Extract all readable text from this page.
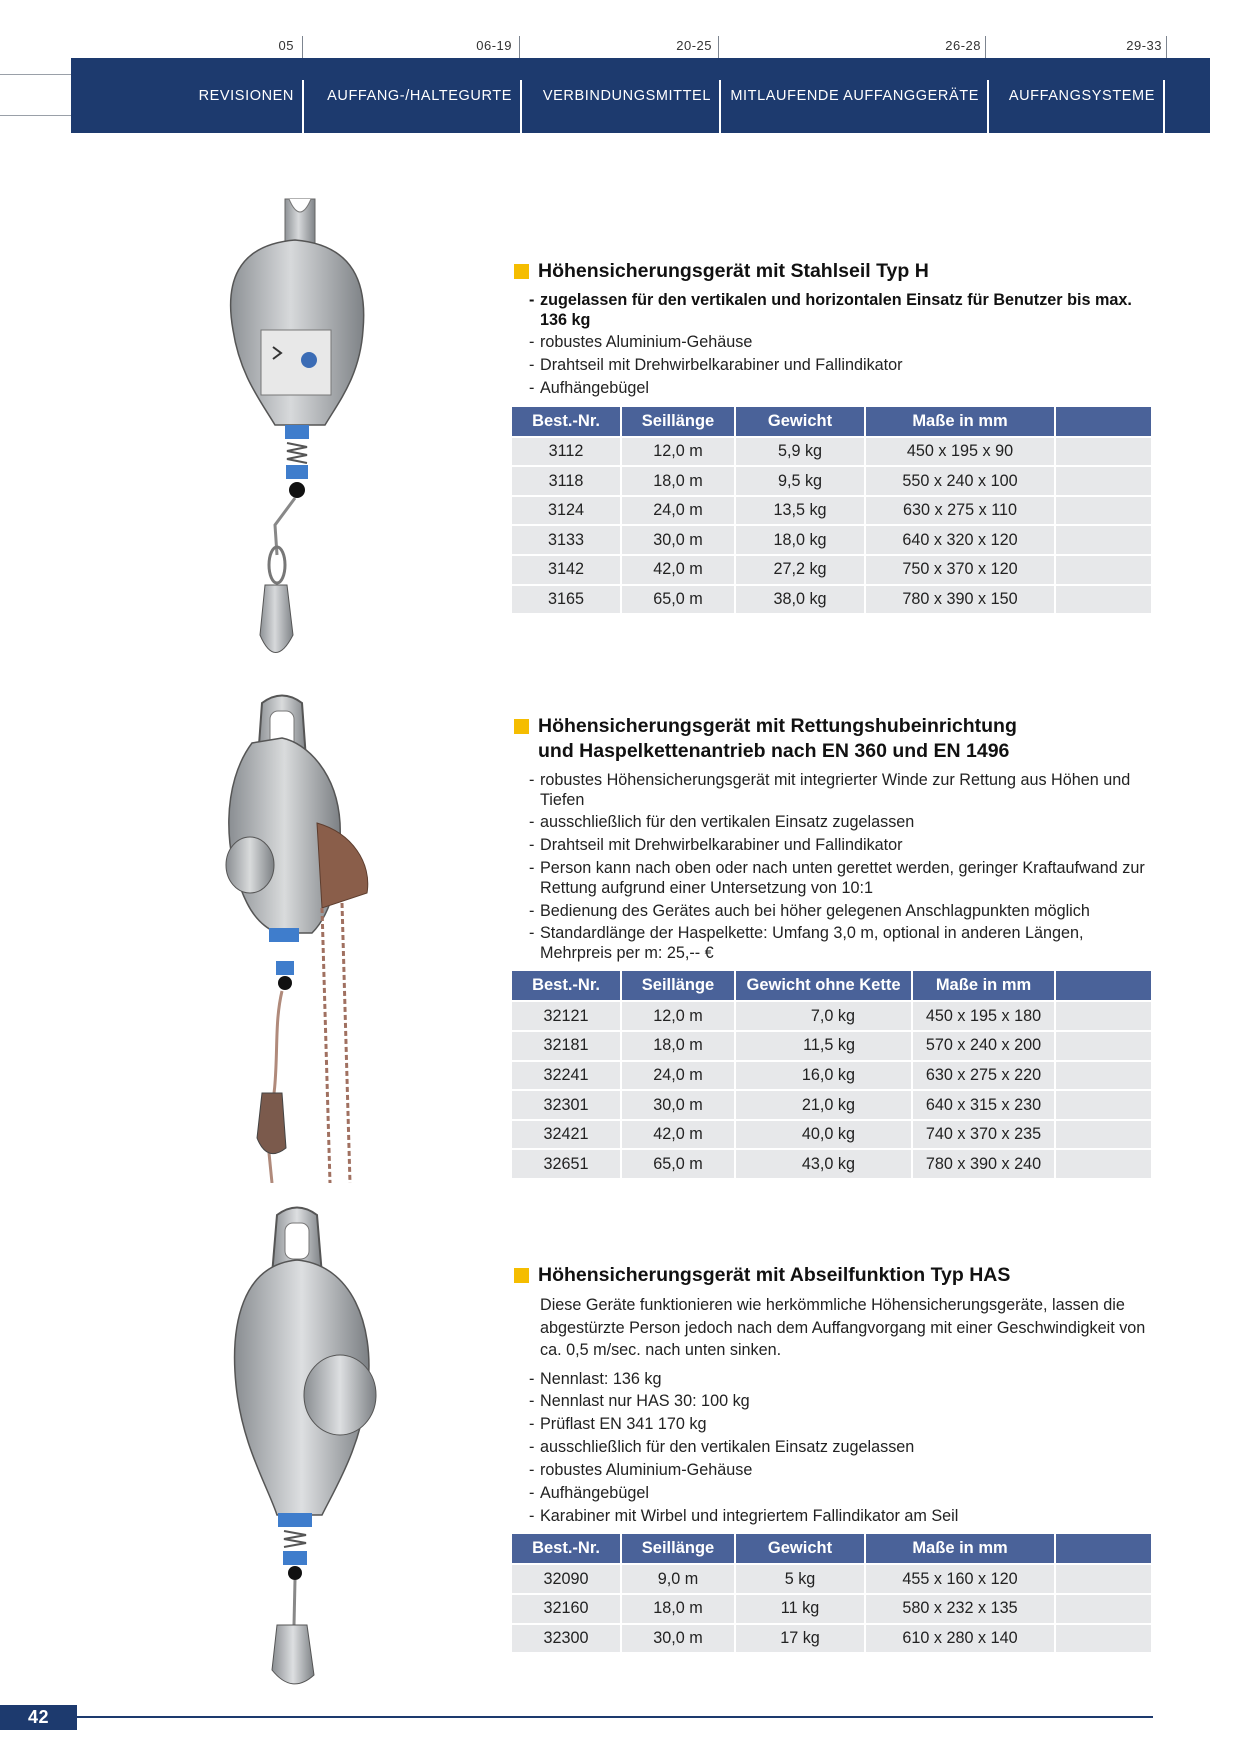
05	06-19	20-25	26-28	29-33
REVISIONEN AUFFANG-/HALTEGURTE VERBINDUNGSMITTEL MITLAUFENDE AUFFANGGERÄTE AUFFANGSYSTEME
Höhensicherungsgerät mit Stahlseil Typ H
- zugelassen für den vertikalen und horizontalen Einsatz für Benutzer bis max. 136 kg
- robustes Aluminium-Gehäuse
- Drahtseil mit Drehwirbelkarabiner und Fallindikator
- Aufhängebügel
Best.-Nr.	Seillänge	Gewicht	Maße in mm	
3112	12,0 m	5,9 kg	450 x 195 x 90	
3118	18,0 m	9,5 kg	550 x 240 x 100	
3124	24,0 m	13,5 kg	630 x 275 x 110	
3133	30,0 m	18,0 kg	640 x 320 x 120	
3142	42,0 m	27,2 kg	750 x 370 x 120	
3165	65,0 m	38,0 kg	780 x 390 x 150	
Höhensicherungsgerät mit Rettungshubeinrichtung
und Haspelkettenantrieb nach EN 360 und EN 1496
- robustes Höhensicherungsgerät mit integrierter Winde zur Rettung aus Höhen und Tiefen
- ausschließlich für den vertikalen Einsatz zugelassen
- Drahtseil mit Drehwirbelkarabiner und Fallindikator
- Person kann nach oben oder nach unten gerettet werden, geringer Kraftaufwand zur Rettung aufgrund einer Untersetzung von 10:1
- Bedienung des Gerätes auch bei höher gelegenen Anschlagpunkten möglich
- Standardlänge der Haspelkette: Umfang 3,0 m, optional in anderen Längen, Mehrpreis per m: 25,-- €
Best.-Nr.	Seillänge	Gewicht ohne Kette	Maße in mm	
32121	12,0 m	7,0 kg	450 x 195 x 180	
32181	18,0 m	11,5 kg	570 x 240 x 200	
32241	24,0 m	16,0 kg	630 x 275 x 220	
32301	30,0 m	21,0 kg	640 x 315 x 230	
32421	42,0 m	40,0 kg	740 x 370 x 235	
32651	65,0 m	43,0 kg	780 x 390 x 240	
Höhensicherungsgerät mit Abseilfunktion Typ HAS
Diese Geräte funktionieren wie herkömmliche Höhensicherungsgeräte, lassen die abgestürzte Person jedoch nach dem Auffangvorgang mit einer Geschwindigkeit von ca. 0,5 m/sec. nach unten sinken.
- Nennlast: 136 kg
- Nennlast nur HAS 30: 100 kg
- Prüflast EN 341 170 kg
- ausschließlich für den vertikalen Einsatz zugelassen
- robustes Aluminium-Gehäuse
- Aufhängebügel
- Karabiner mit Wirbel und integriertem Fallindikator am Seil
Best.-Nr.	Seillänge	Gewicht	Maße in mm	
32090	9,0 m	5 kg	455 x 160 x 120	
32160	18,0 m	11 kg	580 x 232 x 135	
32300	30,0 m	17 kg	610 x 280 x 140	
42
